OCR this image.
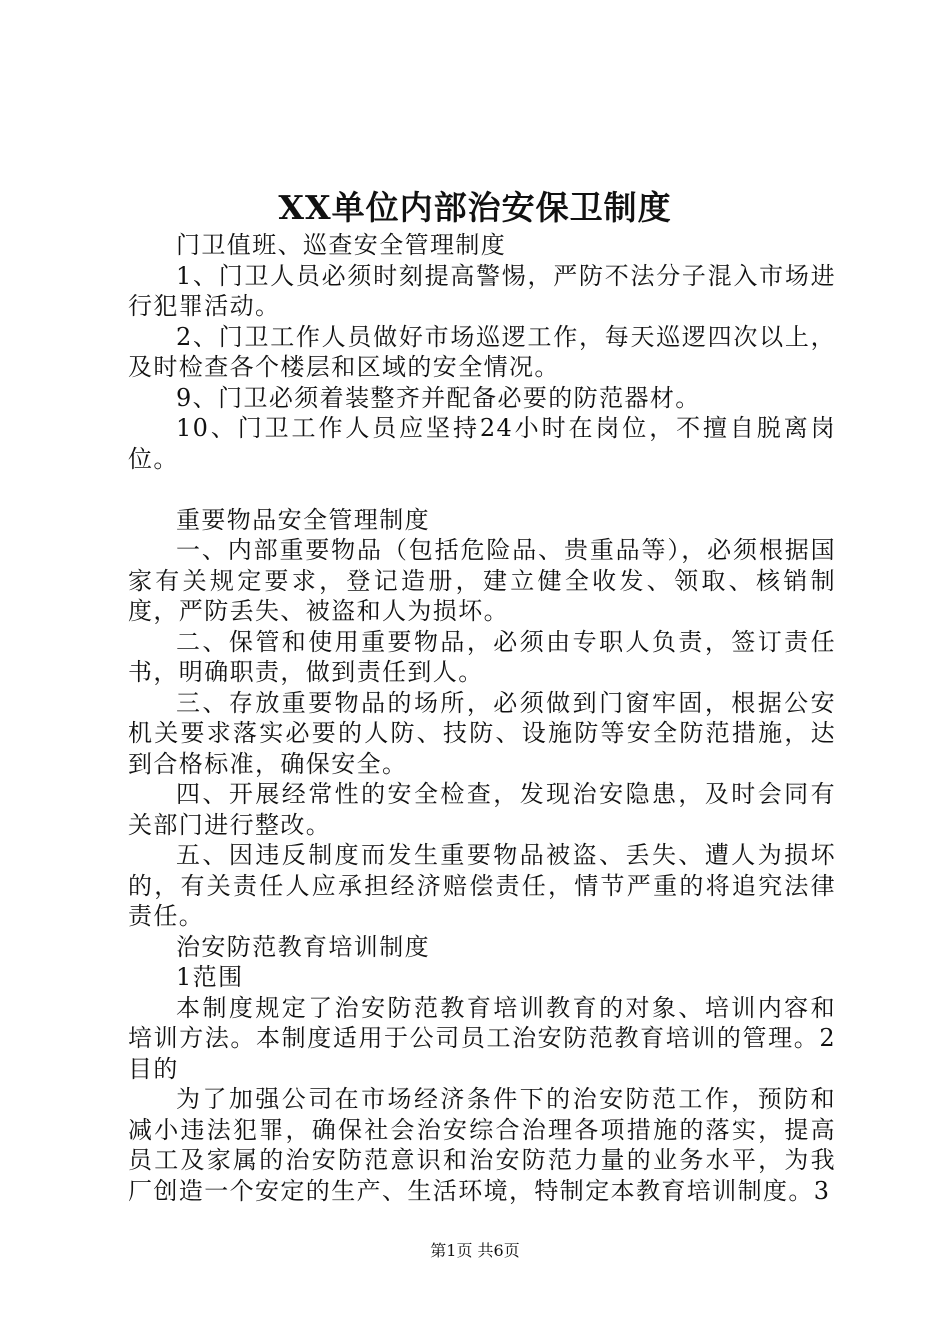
XX单位内部治安保卫制度

门卫值班、巡查安全管理制度

1、门卫人员必须时刻提高警惕，严防不法分子混入市场进行犯罪活动。

2、门卫工作人员做好市场巡逻工作，每天巡逻四次以上，及时检查各个楼层和区域的安全情况。

9、门卫必须着装整齐并配备必要的防范器材。

10、门卫工作人员应坚持24小时在岗位，不擅自脱离岗位。

重要物品安全管理制度

一、内部重要物品（包括危险品、贵重品等），必须根据国家有关规定要求，登记造册，建立健全收发、领取、核销制度，严防丢失、被盗和人为损坏。

二、保管和使用重要物品，必须由专职人负责，签订责任书，明确职责，做到责任到人。

三、存放重要物品的场所，必须做到门窗牢固，根据公安机关要求落实必要的人防、技防、设施防等安全防范措施，达到合格标准，确保安全。

四、开展经常性的安全检查，发现治安隐患，及时会同有关部门进行整改。

五、因违反制度而发生重要物品被盗、丢失、遭人为损坏的，有关责任人应承担经济赔偿责任，情节严重的将追究法律责任。

治安防范教育培训制度

1范围

本制度规定了治安防范教育培训教育的对象、培训内容和培训方法。本制度适用于公司员工治安防范教育培训的管理。2目的

为了加强公司在市场经济条件下的治安防范工作，预防和减小违法犯罪，确保社会治安综合治理各项措施的落实，提高员工及家属的治安防范意识和治安防范力量的业务水平，为我厂创造一个安定的生产、生活环境，特制定本教育培训制度。3

第1页 共6页
